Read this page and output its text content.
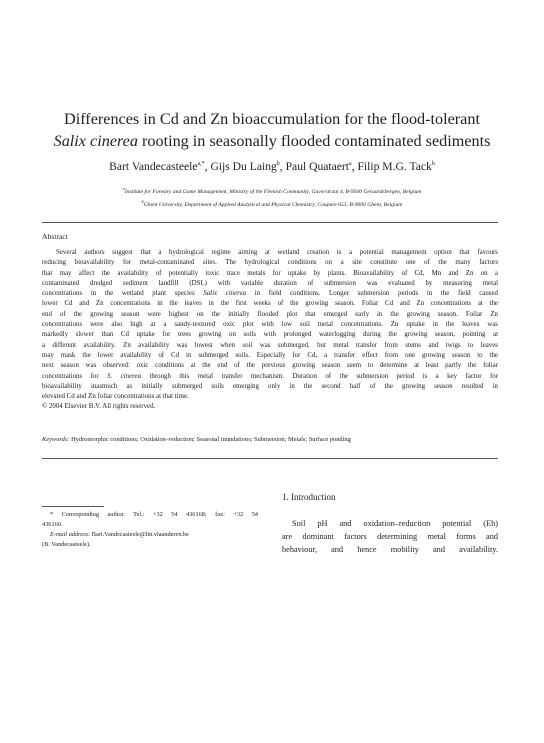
Differences in Cd and Zn bioaccumulation for the flood-tolerant
Salix cinerea rooting in seasonally flooded contaminated sediments
Bart Vandecasteele$^{a,*}$, Gijs Du Laing$^b$, Paul Quataert$^a$, Filip M.G. Tack$^b$
$^a$Institute for Forestry and Game Management, Ministry of the Flemish Community, Gaverstraat 4, B-9500 Geraardsbergen, Belgium
$^b$Ghent University, Department of Applied Analytical and Physical Chemistry, Coupure 653, B-9000 Ghent, Belgium
Abstract
Several authors suggest that a hydrological regime aiming at wetland creation is a potential management option that favours
reducing bioavailability for metal-contaminated sites. The hydrological conditions on a site constitute one of the many factors
that may affect the availability of potentially toxic trace metals for uptake by plants. Bioavailability of Cd, Mn and Zn on a
contaminated dredged sediment landfill (DSL) with variable duration of submersion was evaluated by measuring metal
concentrations in the wetland plant species Salix cinerea in field conditions. Longer submersion periods in the field caused
lower Cd and Zn concentrations in the leaves in the first weeks of the growing season. Foliar Cd and Zn concentrations at the
end of the growing season were highest on the initially flooded plot that emerged early in the growing season. Foliar Zn
concentrations were also high at a sandy-textured oxic plot with low soil metal concentrations. Zn uptake in the leaves was
markedly slower than Cd uptake for trees growing on soils with prolonged waterlogging during the growing season, pointing at
a different availability. Zn availability was lowest when soil was submerged, but metal transfer from stems and twigs to leaves
may mask the lower availability of Cd in submerged soils. Especially for Cd, a transfer effect from one growing season to the
next season was observed: oxic conditions at the end of the previous growing season seem to determine at least partly the foliar
concentrations for S. cinerea through this metal transfer mechanism. Duration of the submersion period is a key factor for
bioavailability inasmuch as initially submerged soils emerging only in the second half of the growing season resulted in
elevated Cd and Zn foliar concentrations at that time.
© 2004 Elsevier B.V. All rights reserved.
Keywords: Hydromorphic conditions; Oxidation–reduction; Seasonal inundations; Submersion; Metals; Surface ponding
* Corresponding author. Tel.: +32 54 436168; fax: +32 54
436160.
E-mail address: Bart.Vandecasteele@lin.vlaanderen.be
(B. Vandecasteele).
1. Introduction
Soil pH and oxidation–reduction potential (Eh)
are dominant factors determining metal forms and
behaviour, and hence mobility and availability.
